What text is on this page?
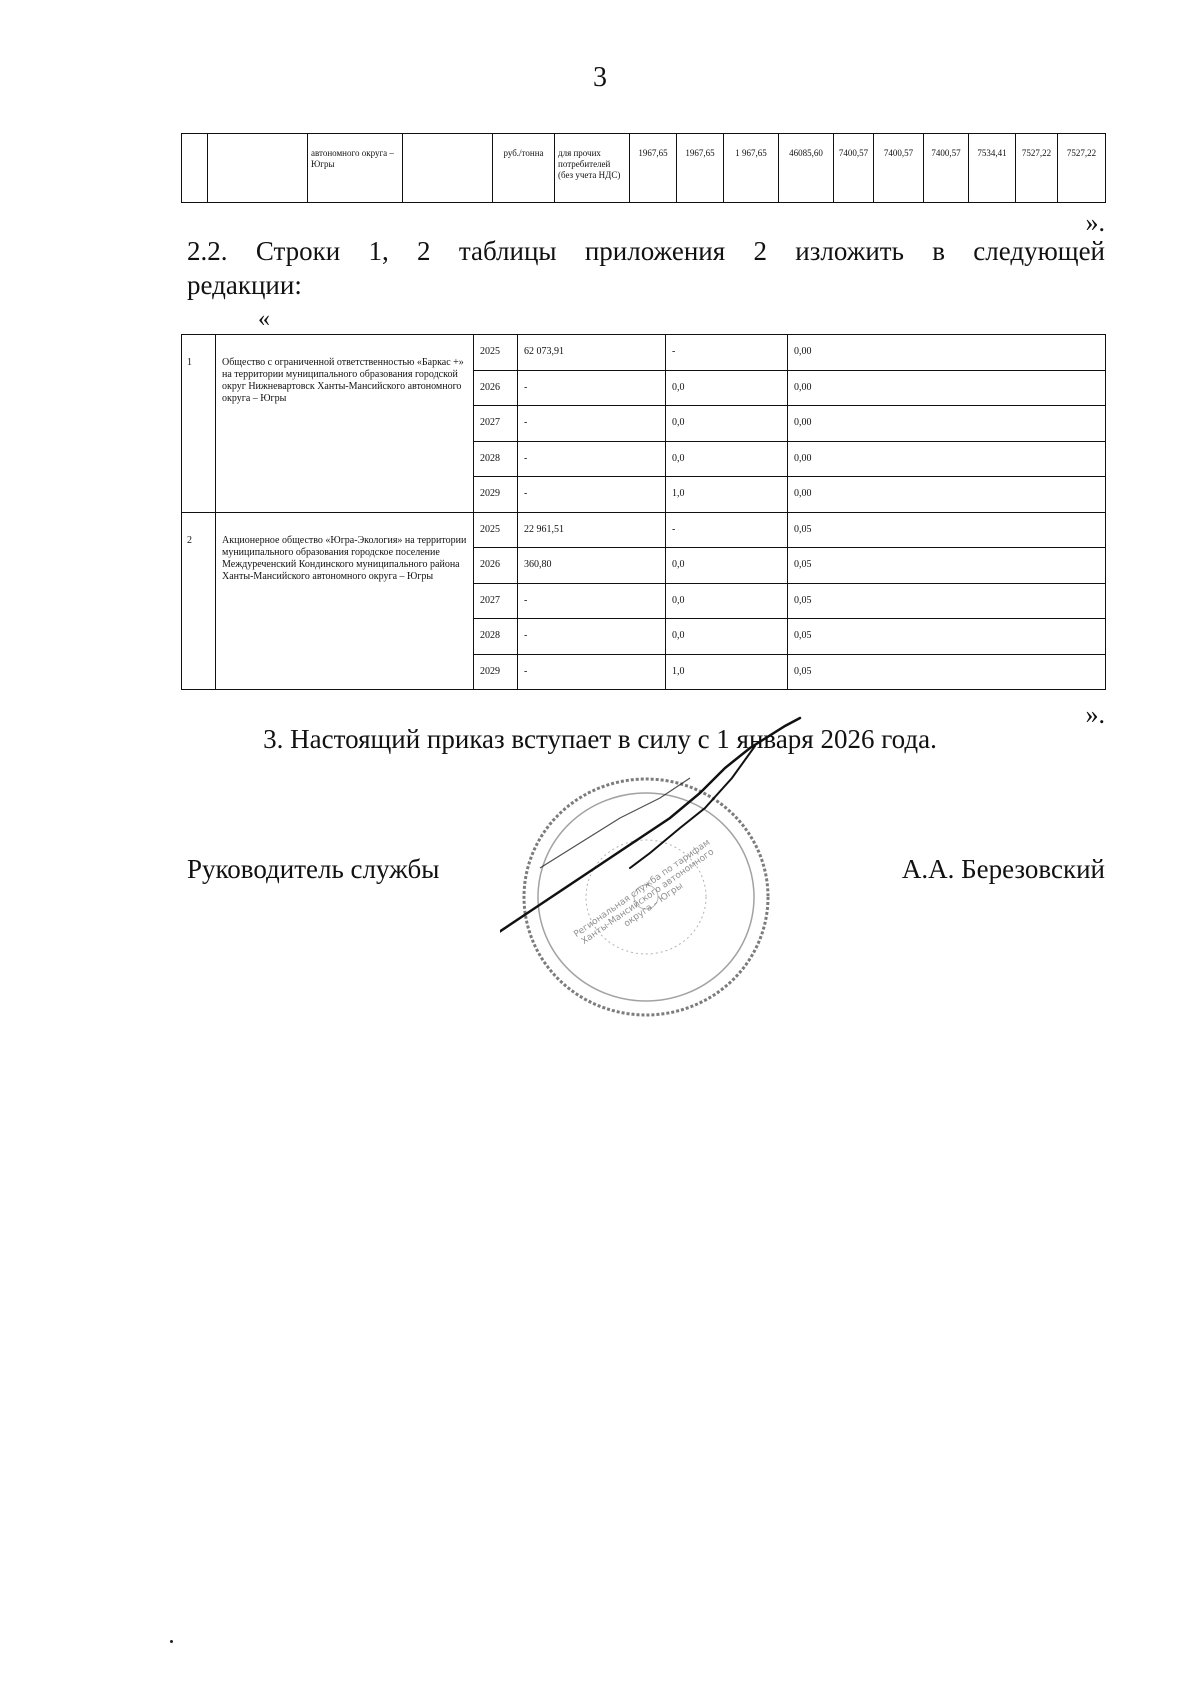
3
		автономного округа – Югры		руб./тонна	для прочих потребителей (без учета НДС)	1967,65	1967,65	1 967,65	46085,60	7400,57	7400,57	7400,57	7534,41	7527,22	7527,22
».
2.2. Строки 1, 2 таблицы приложения 2 изложить в следующей
редакции:
«
1	Общество с ограниченной ответственностью «Баркас +» на территории муниципального образования городской округ Нижневартовск Ханты-Мансийского автономного округа – Югры	2025	62 073,91	-	0,00
		2026	-	0,0	0,00
		2027	-	0,0	0,00
		2028	-	0,0	0,00
		2029	-	1,0	0,00
2	Акционерное общество «Югра-Экология» на территории муниципального образования городское поселение Междуреченский Кондинского муниципального района Ханты-Мансийского автономного округа – Югры	2025	22 961,51	-	0,05
		2026	360,80	0,0	0,05
		2027	-	0,0	0,05
		2028	-	0,0	0,05
		2029	-	1,0	0,05
».
3. Настоящий приказ вступает в силу с 1 января 2026 года.
Руководитель службы	А.А. Березовский
Региональная служба по тарифам Ханты-Мансийского автономного округа – Югры
